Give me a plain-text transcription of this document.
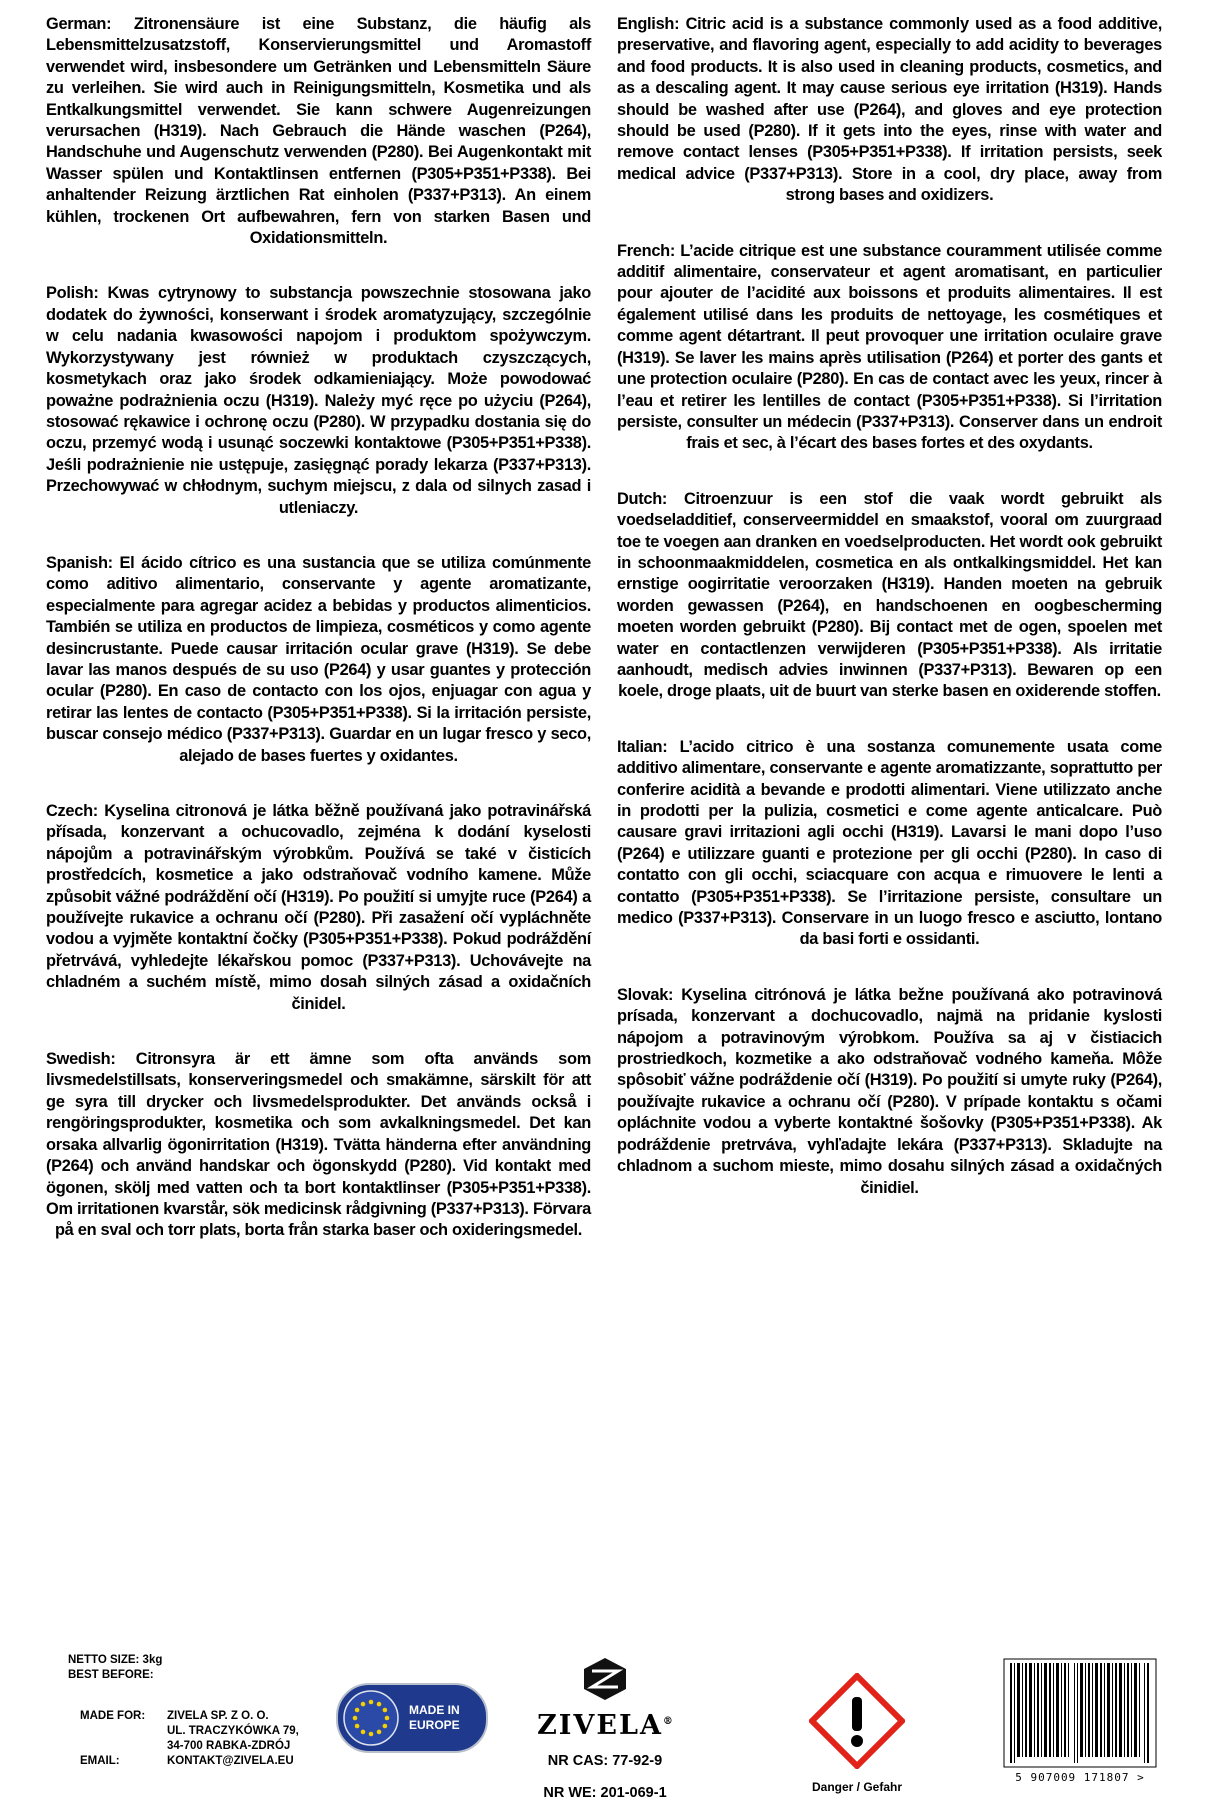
German: Zitronensäure ist eine Substanz, die häufig als Lebensmittelzusatzstoff, Konservierungsmittel und Aromastoff verwendet wird, insbesondere um Getränken und Lebensmitteln Säure zu verleihen. Sie wird auch in Reinigungsmitteln, Kosmetika und als Entkalkungsmittel verwendet. Sie kann schwere Augenreizungen verursachen (H319). Nach Gebrauch die Hände waschen (P264), Handschuhe und Augenschutz verwenden (P280). Bei Augenkontakt mit Wasser spülen und Kontaktlinsen entfernen (P305+P351+P338). Bei anhaltender Reizung ärztlichen Rat einholen (P337+P313). An einem kühlen, trockenen Ort aufbewahren, fern von starken Basen und Oxidationsmitteln.

Polish: Kwas cytrynowy to substancja powszechnie stosowana jako dodatek do żywności, konserwant i środek aromatyzujący, szczególnie w celu nadania kwasowości napojom i produktom spożywczym. Wykorzystywany jest również w produktach czyszczących, kosmetykach oraz jako środek odkamieniający. Może powodować poważne podrażnienia oczu (H319). Należy myć ręce po użyciu (P264), stosować rękawice i ochronę oczu (P280). W przypadku dostania się do oczu, przemyć wodą i usunąć soczewki kontaktowe (P305+P351+P338). Jeśli podrażnienie nie ustępuje, zasięgnąć porady lekarza (P337+P313). Przechowywać w chłodnym, suchym miejscu, z dala od silnych zasad i utleniaczy.

Spanish: El ácido cítrico es una sustancia que se utiliza comúnmente como aditivo alimentario, conservante y agente aromatizante, especialmente para agregar acidez a bebidas y productos alimenticios. También se utiliza en productos de limpieza, cosméticos y como agente desincrustante. Puede causar irritación ocular grave (H319). Se debe lavar las manos después de su uso (P264) y usar guantes y protección ocular (P280). En caso de contacto con los ojos, enjuagar con agua y retirar las lentes de contacto (P305+P351+P338). Si la irritación persiste, buscar consejo médico (P337+P313). Guardar en un lugar fresco y seco, alejado de bases fuertes y oxidantes.

Czech: Kyselina citronová je látka běžně používaná jako potravinářská přísada, konzervant a ochucovadlo, zejména k dodání kyselosti nápojům a potravinářským výrobkům. Používá se také v čisticích prostředcích, kosmetice a jako odstraňovač vodního kamene. Může způsobit vážné podráždění očí (H319). Po použití si umyjte ruce (P264) a používejte rukavice a ochranu očí (P280). Při zasažení očí vypláchněte vodou a vyjměte kontaktní čočky (P305+P351+P338). Pokud podráždění přetrvává, vyhledejte lékařskou pomoc (P337+P313). Uchovávejte na chladném a suchém místě, mimo dosah silných zásad a oxidačních činidel.

Swedish: Citronsyra är ett ämne som ofta används som livsmedelstillsats, konserveringsmedel och smakämne, särskilt för att ge syra till drycker och livsmedelsprodukter. Det används också i rengöringsprodukter, kosmetika och som avkalkningsmedel. Det kan orsaka allvarlig ögonirritation (H319). Tvätta händerna efter användning (P264) och använd handskar och ögonskydd (P280). Vid kontakt med ögonen, skölj med vatten och ta bort kontaktlinser (P305+P351+P338). Om irritationen kvarstår, sök medicinsk rådgivning (P337+P313). Förvara på en sval och torr plats, borta från starka baser och oxideringsmedel.

English: Citric acid is a substance commonly used as a food additive, preservative, and flavoring agent, especially to add acidity to beverages and food products. It is also used in cleaning products, cosmetics, and as a descaling agent. It may cause serious eye irritation (H319). Hands should be washed after use (P264), and gloves and eye protection should be used (P280). If it gets into the eyes, rinse with water and remove contact lenses (P305+P351+P338). If irritation persists, seek medical advice (P337+P313). Store in a cool, dry place, away from strong bases and oxidizers.

French: L’acide citrique est une substance couramment utilisée comme additif alimentaire, conservateur et agent aromatisant, en particulier pour ajouter de l’acidité aux boissons et produits alimentaires. Il est également utilisé dans les produits de nettoyage, les cosmétiques et comme agent détartrant. Il peut provoquer une irritation oculaire grave (H319). Se laver les mains après utilisation (P264) et porter des gants et une protection oculaire (P280). En cas de contact avec les yeux, rincer à l’eau et retirer les lentilles de contact (P305+P351+P338). Si l’irritation persiste, consulter un médecin (P337+P313). Conserver dans un endroit frais et sec, à l’écart des bases fortes et des oxydants.

Dutch: Citroenzuur is een stof die vaak wordt gebruikt als voedseladditief, conserveermiddel en smaakstof, vooral om zuurgraad toe te voegen aan dranken en voedselproducten. Het wordt ook gebruikt in schoonmaakmiddelen, cosmetica en als ontkalkingsmiddel. Het kan ernstige oogirritatie veroorzaken (H319). Handen moeten na gebruik worden gewassen (P264), en handschoenen en oogbescherming moeten worden gebruikt (P280). Bij contact met de ogen, spoelen met water en contactlenzen verwijderen (P305+P351+P338). Als irritatie aanhoudt, medisch advies inwinnen (P337+P313). Bewaren op een koele, droge plaats, uit de buurt van sterke basen en oxiderende stoffen.

Italian: L’acido citrico è una sostanza comunemente usata come additivo alimentare, conservante e agente aromatizzante, soprattutto per conferire acidità a bevande e prodotti alimentari. Viene utilizzato anche in prodotti per la pulizia, cosmetici e come agente anticalcare. Può causare gravi irritazioni agli occhi (H319). Lavarsi le mani dopo l’uso (P264) e utilizzare guanti e protezione per gli occhi (P280). In caso di contatto con gli occhi, sciacquare con acqua e rimuovere le lenti a contatto (P305+P351+P338). Se l’irritazione persiste, consultare un medico (P337+P313). Conservare in un luogo fresco e asciutto, lontano da basi forti e ossidanti.

Slovak: Kyselina citrónová je látka bežne používaná ako potravinová prísada, konzervant a dochucovadlo, najmä na pridanie kyslosti nápojom a potravinovým výrobkom. Používa sa aj v čistiacich prostriedkoch, kozmetike a ako odstraňovač vodného kameňa. Môže spôsobiť vážne podráždenie očí (H319). Po použití si umyte ruky (P264), používajte rukavice a ochranu očí (P280). V prípade kontaktu s očami opláchnite vodou a vyberte kontaktné šošovky (P305+P351+P338). Ak podráždenie pretrváva, vyhľadajte lekára (P337+P313). Skladujte na chladnom a suchom mieste, mimo dosahu silných zásad a oxidačných činidiel.

NETTO SIZE: 3kg
BEST BEFORE:
MADE FOR:	ZIVELA SP. Z O. O.
UL. TRACZYKÓWKA 79,
34-700 RABKA-ZDRÓJ
EMAIL:	KONTAKT@ZIVELA.EU
MADE IN
EUROPE	ZIVELA®
NR CAS: 77-92-9
NR WE: 201-069-1	Danger / Gefahr
5 907009 171807 >
